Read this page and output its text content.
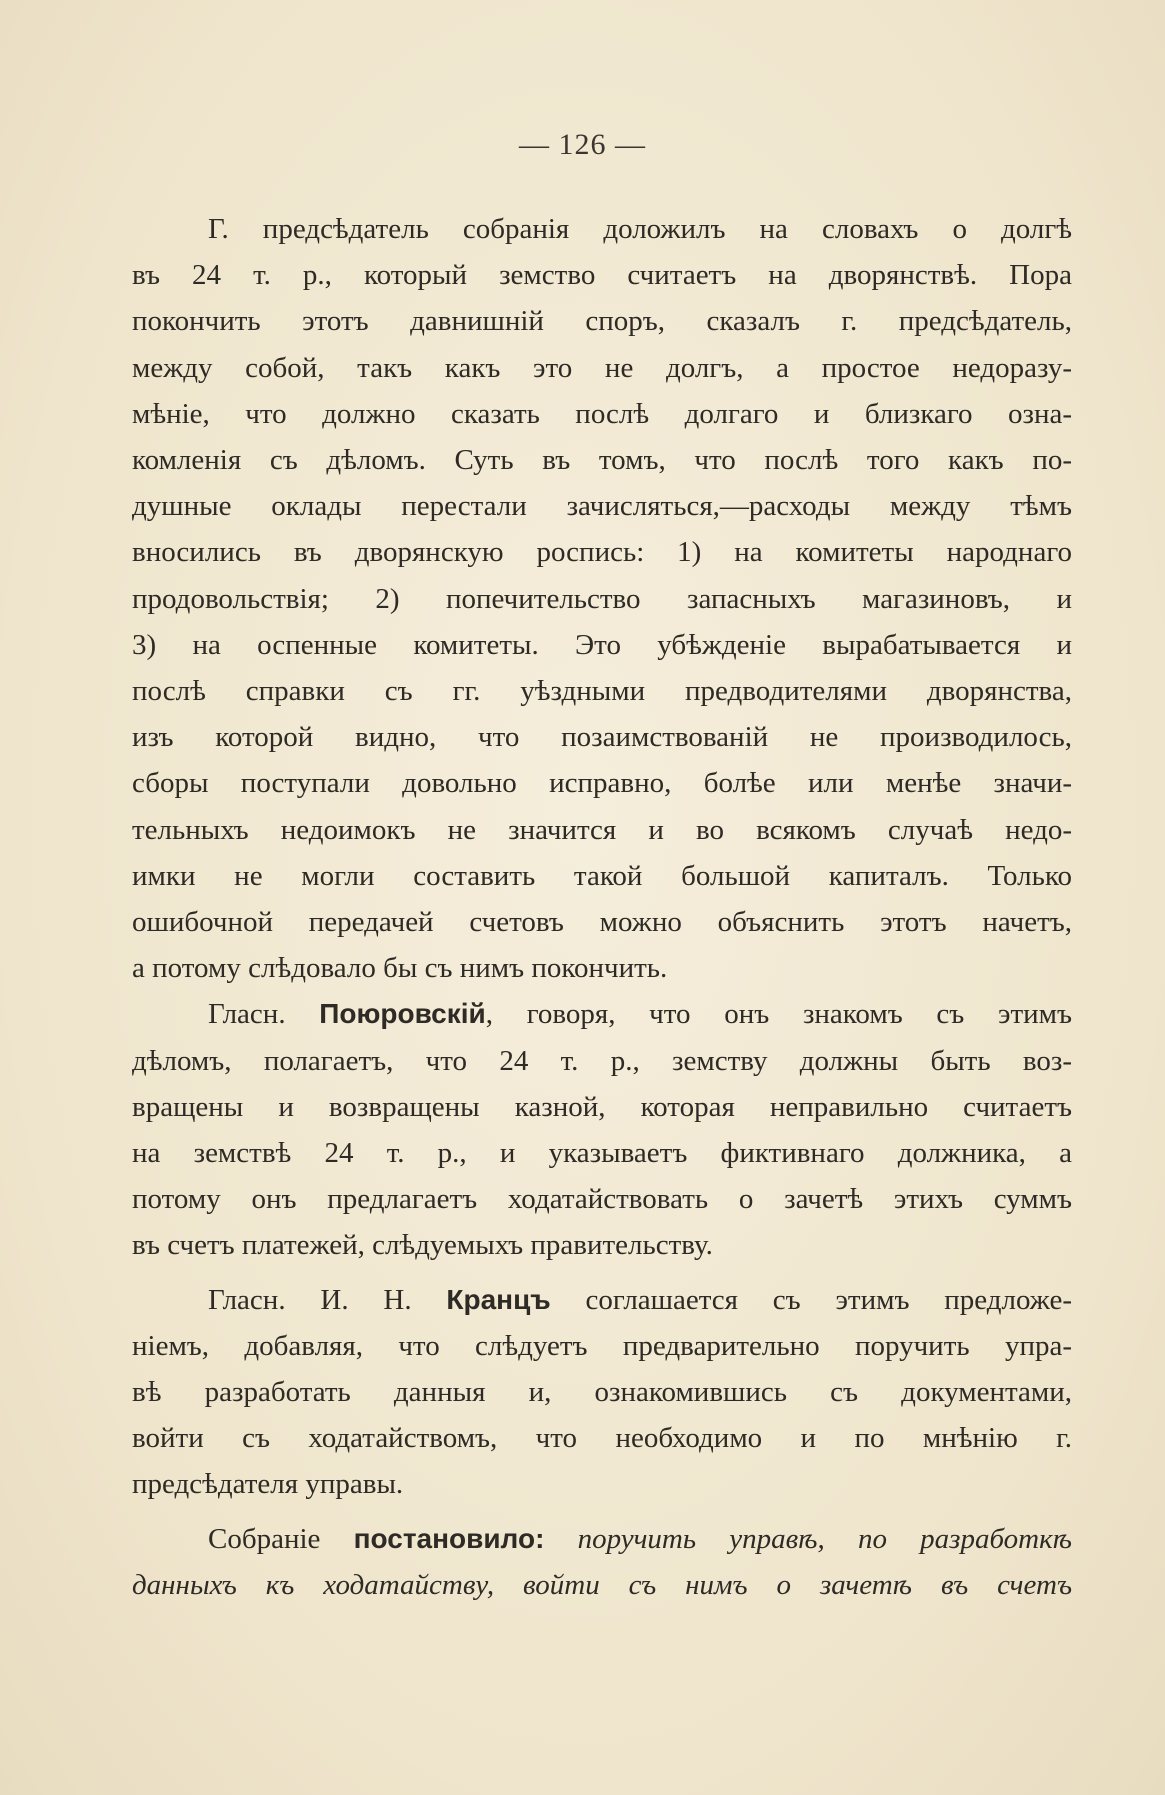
— 126 —
Г. предсѣдатель собранія доложилъ на словахъ о долгѣ
въ 24 т. р., который земство считаетъ на дворянствѣ. Пора
покончить этотъ давнишній споръ, сказалъ г. предсѣдатель,
между собой, такъ какъ это не долгъ, а простое недоразу-
мѣніе, что должно сказать послѣ долгаго и близкаго озна-
комленія съ дѣломъ. Суть въ томъ, что послѣ того какъ по-
душные оклады перестали зачисляться,—расходы между тѣмъ
вносились въ дворянскую роспись: 1) на комитеты народнаго
продовольствія; 2) попечительство запасныхъ магазиновъ, и
3) на оспенные комитеты. Это убѣжденіе вырабатывается и
послѣ справки съ гг. уѣздными предводителями дворянства,
изъ которой видно, что позаимствованій не производилось,
сборы поступали довольно исправно, болѣе или менѣе значи-
тельныхъ недоимокъ не значится и во всякомъ случаѣ недо-
имки не могли составить такой большой капиталъ. Только
ошибочной передачей счетовъ можно объяснить этотъ начетъ,
а потому слѣдовало бы съ нимъ покончить.
Гласн. Поюровскій, говоря, что онъ знакомъ съ этимъ
дѣломъ, полагаетъ, что 24 т. р., земству должны быть воз-
вращены и возвращены казной, которая неправильно считаетъ
на земствѣ 24 т. р., и указываетъ фиктивнаго должника, а
потому онъ предлагаетъ ходатайствовать о зачетѣ этихъ суммъ
въ счетъ платежей, слѣдуемыхъ правительству.
Гласн. И. Н. Кранцъ соглашается съ этимъ предложе-
ніемъ, добавляя, что слѣдуетъ предварительно поручить упра-
вѣ разработать данныя и, ознакомившись съ документами,
войти съ ходатайствомъ, что необходимо и по мнѣнію г.
предсѣдателя управы.
Собраніе постановило: поручить управѣ, по разработкѣ
данныхъ къ ходатайству, войти съ нимъ о зачетѣ въ счетъ
